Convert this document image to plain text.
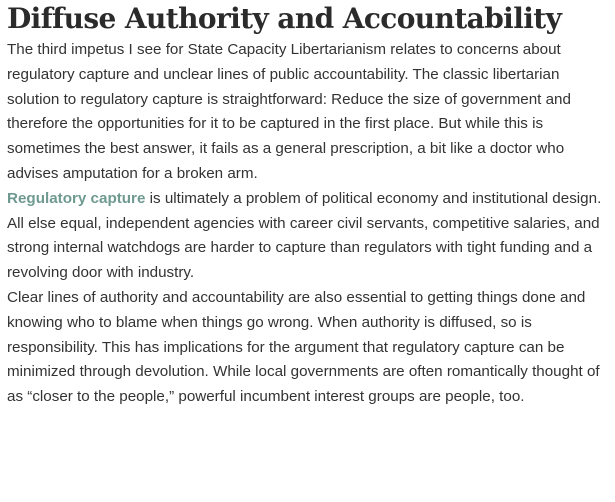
Diffuse Authority and Accountability

The third impetus I see for State Capacity Libertarianism relates to concerns about regulatory capture and unclear lines of public accountability. The classic libertarian solution to regulatory capture is straightforward: Reduce the size of government and therefore the opportunities for it to be captured in the first place. But while this is sometimes the best answer, it fails as a general prescription, a bit like a doctor who advises amputation for a broken arm.

Regulatory capture is ultimately a problem of political economy and institutional design. All else equal, independent agencies with career civil servants, competitive salaries, and strong internal watchdogs are harder to capture than regulators with tight funding and a revolving door with industry.

Clear lines of authority and accountability are also essential to getting things done and knowing who to blame when things go wrong. When authority is diffused, so is responsibility. This has implications for the argument that regulatory capture can be minimized through devolution. While local governments are often romantically thought of as “closer to the people,” powerful incumbent interest groups are people, too.
